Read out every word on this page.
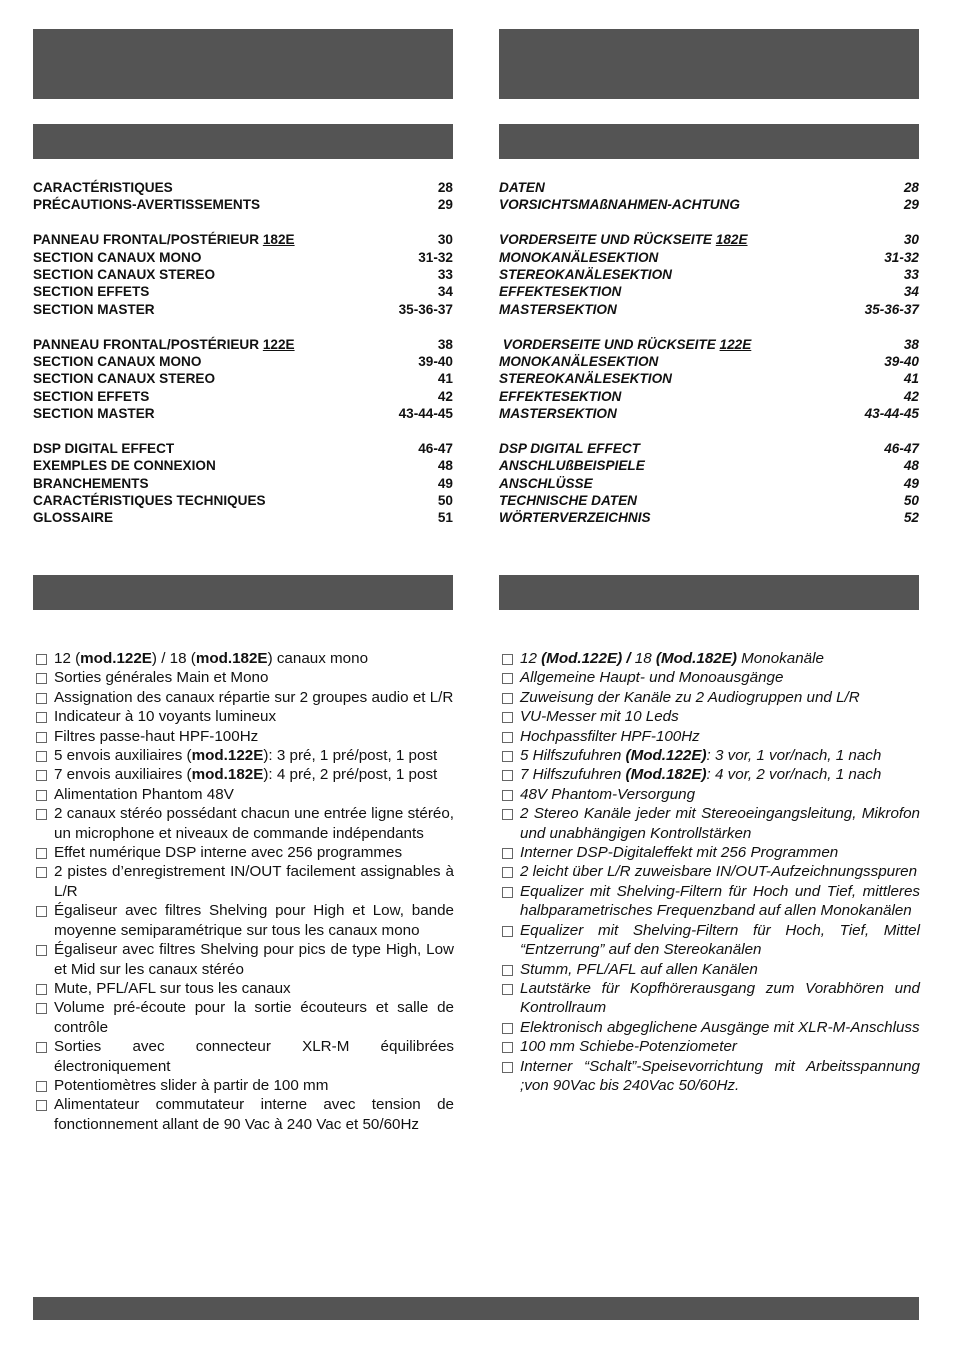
CARACTÉRISTIQUES	28
PRÉCAUTIONS-AVERTISSEMENTS	29
PANNEAU FRONTAL/POSTÉRIEUR 182E	30
SECTION CANAUX MONO	31-32
SECTION CANAUX STEREO	33
SECTION EFFETS	34
SECTION MASTER	35-36-37
PANNEAU FRONTAL/POSTÉRIEUR 122E	38
SECTION CANAUX MONO	39-40
SECTION CANAUX STEREO	41
SECTION EFFETS	42
SECTION MASTER	43-44-45
DSP DIGITAL EFFECT	46-47
EXEMPLES DE CONNEXION	48
BRANCHEMENTS	49
CARACTÉRISTIQUES TECHNIQUES	50
GLOSSAIRE	51
DATEN	28
VORSICHTSMAßNAHMEN-ACHTUNG	29
VORDERSEITE UND RÜCKSEITE 182E	30
MONOKANÄLESEKTION	31-32
STEREOKANÄLESEKTION	33
EFFEKTESEKTION	34
MASTERSEKTION	35-36-37
VORDERSEITE UND RÜCKSEITE 122E	38
MONOKANÄLESEKTION	39-40
STEREOKANÄLESEKTION	41
EFFEKTESEKTION	42
MASTERSEKTION	43-44-45
DSP DIGITAL EFFECT	46-47
ANSCHLUßBEISPIELE	48
ANSCHLÜSSE	49
TECHNISCHE DATEN	50
WÖRTERVERZEICHNIS	52
12 (mod.122E) / 18 (mod.182E) canaux mono
Sorties générales Main et Mono
Assignation des canaux répartie sur 2 groupes audio et L/R
Indicateur à 10 voyants lumineux
Filtres passe-haut HPF-100Hz
5 envois auxiliaires (mod.122E): 3 pré, 1 pré/post, 1 post
7 envois auxiliaires (mod.182E): 4 pré, 2 pré/post, 1 post
Alimentation Phantom 48V
2 canaux stéréo possédant chacun une entrée ligne stéréo, un microphone et niveaux de commande indépendants
Effet numérique DSP interne avec 256 programmes
2 pistes d’enregistrement IN/OUT facilement assignables à L/R
Égaliseur avec filtres Shelving pour High et Low, bande moyenne semiparamétrique sur tous les canaux mono
Égaliseur avec filtres Shelving pour pics de type High, Low et Mid sur les canaux stéréo
Mute, PFL/AFL sur tous les canaux
Volume pré-écoute pour la sortie écouteurs et salle de contrôle
Sorties avec connecteur XLR-M équilibrées électroniquement
Potentiomètres slider à partir de 100 mm
Alimentateur commutateur interne avec tension de fonctionnement allant de 90 Vac à 240 Vac et 50/60Hz
12 (Mod.122E) / 18 (Mod.182E) Monokanäle
Allgemeine Haupt- und Monoausgänge
Zuweisung der Kanäle zu 2 Audiogruppen und L/R
VU-Messer mit 10 Leds
Hochpassfilter HPF-100Hz
5 Hilfszufuhren (Mod.122E): 3 vor, 1 vor/nach, 1 nach
7 Hilfszufuhren (Mod.182E): 4 vor, 2 vor/nach, 1 nach
48V Phantom-Versorgung
2 Stereo Kanäle jeder mit Stereoeingangsleitung, Mikrofon und unabhängigen Kontrollstärken
Interner DSP-Digitaleffekt mit 256 Programmen
2 leicht über L/R zuweisbare IN/OUT-Aufzeichnungsspuren
Equalizer mit Shelving-Filtern für Hoch und Tief, mittleres halbparametrisches Frequenzband auf allen Monokanälen
Equalizer mit Shelving-Filtern für Hoch, Tief, Mittel “Entzerrung” auf den Stereokanälen
Stumm, PFL/AFL auf allen Kanälen
Lautstärke für Kopfhörerausgang zum Vorabhören und Kontrollraum
Elektronisch abgeglichene Ausgänge mit XLR-M-Anschluss
100 mm Schiebe-Potenziometer
Interner “Schalt”-Speisevorrichtung mit Arbeitsspannung ;von 90Vac bis 240Vac 50/60Hz.
